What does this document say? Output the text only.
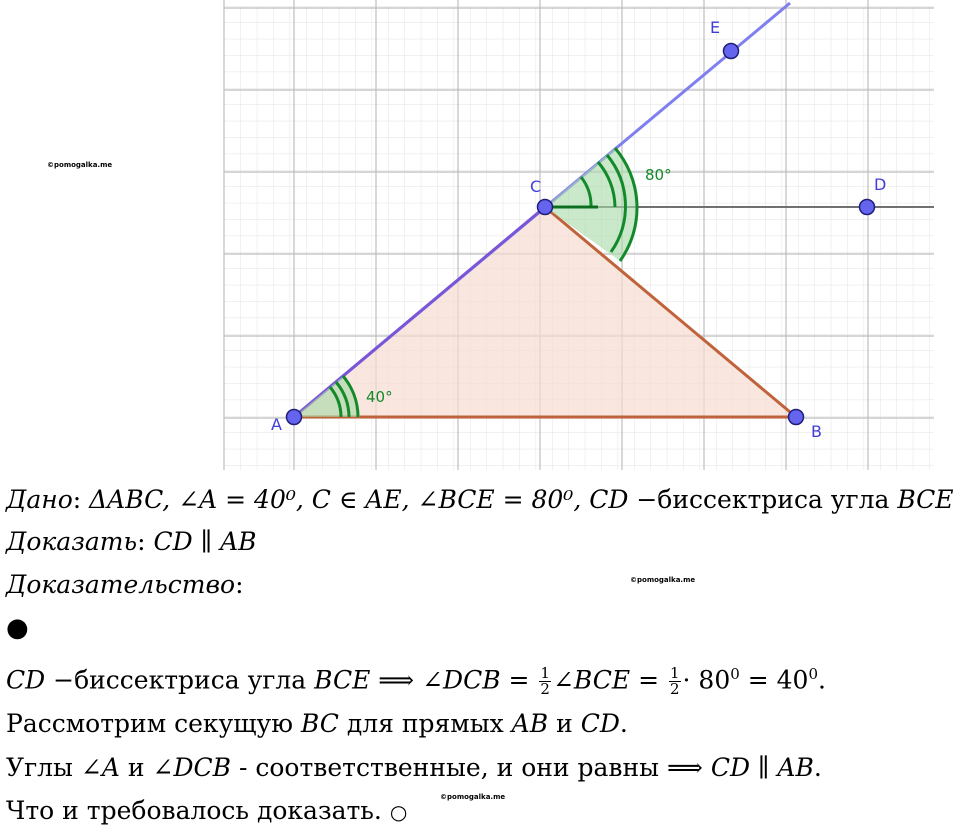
40°
80°
A	B
C	D
E
©pomogalka.me
©pomogalka.me
©pomogalka.me
Дано: ΔABC, ∠A = 40⁰, C ∈ AE, ∠BCE = 80⁰, CD −биссектриса угла BCE
Доказать: CD ∥ AB
Доказательство:
●
CD −биссектриса угла BCE ⟹ ∠DCB = $\frac{1}{2}$ ∠BCE = $\frac{1}{2} \cdot 80^0 = 40^0$.
Рассмотрим секущую BC для прямых AB и CD.
Углы ∠A и ∠DCB - соответственные, и они равны ⟹ CD ∥ AB.
Что и требовалось доказать. ○
